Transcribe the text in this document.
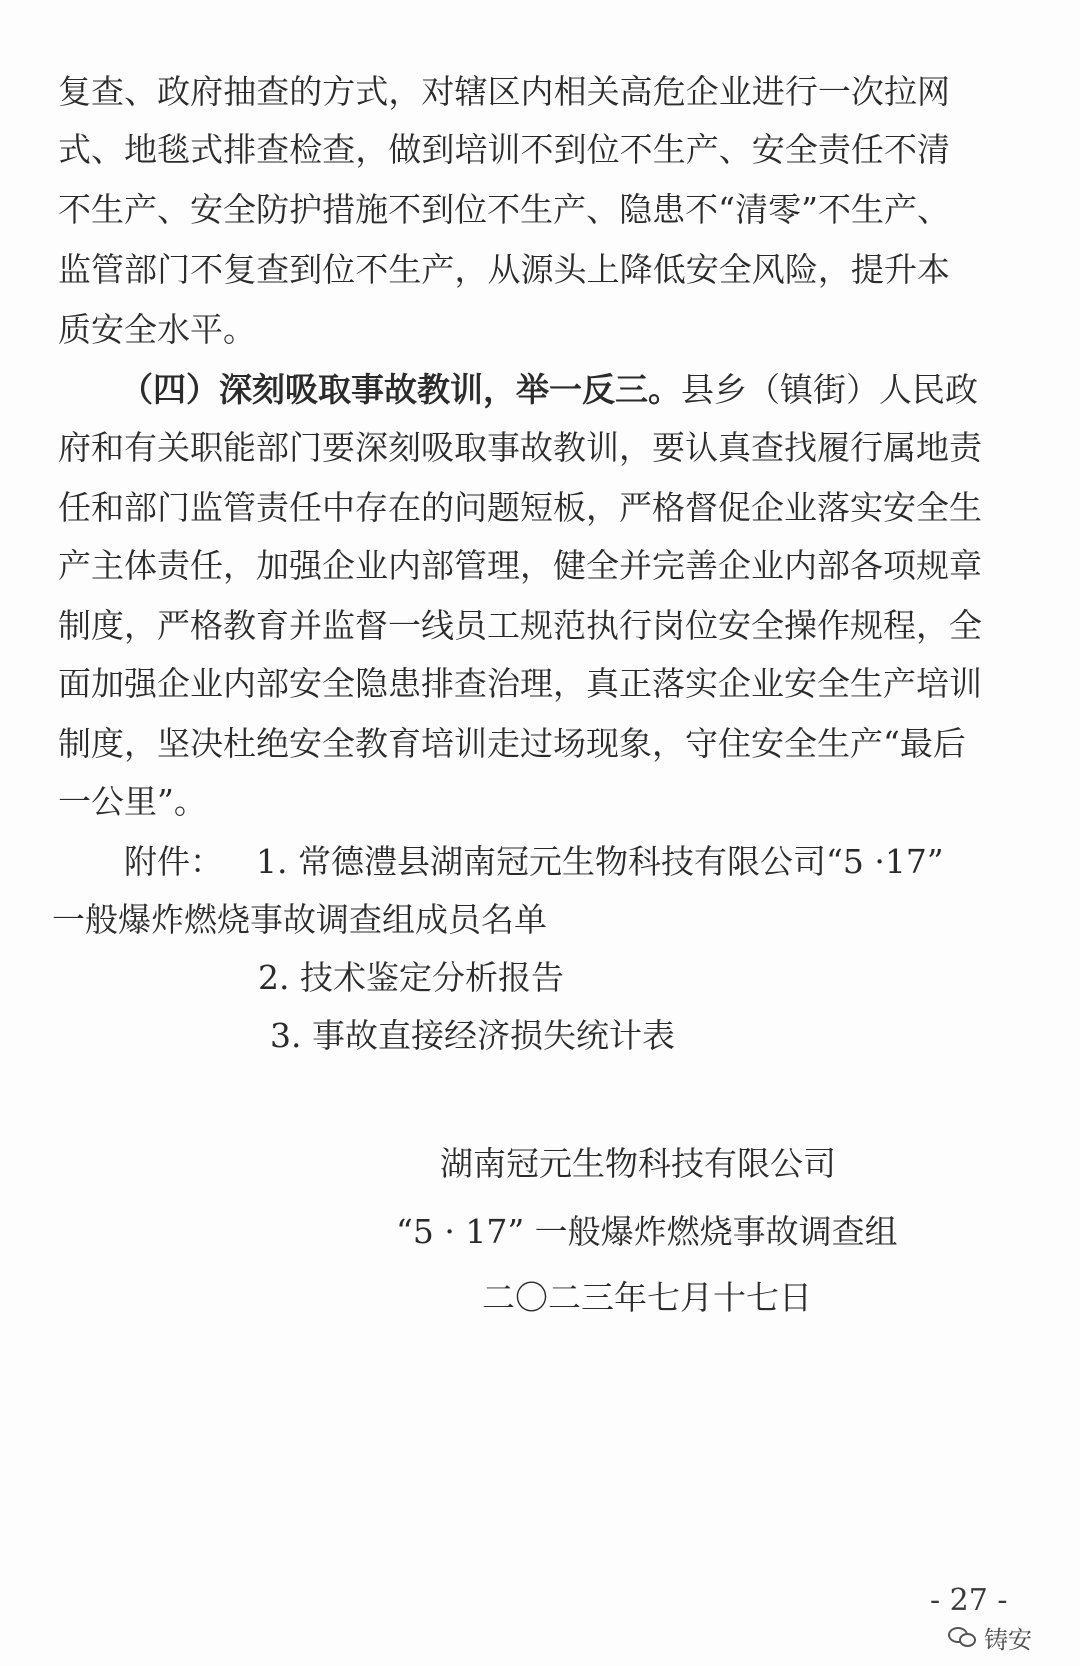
复查、政府抽查的方式，对辖区内相关高危企业进行一次拉网
式、地毯式排查检查，做到培训不到位不生产、安全责任不清
不生产、安全防护措施不到位不生产、隐患不“清零”不生产、
监管部门不复查到位不生产，从源头上降低安全风险，提升本
质安全水平。
（四）深刻吸取事故教训，举一反三。 县乡（镇街）人民政
府和有关职能部门要深刻吸取事故教训，要认真查找履行属地责
任和部门监管责任中存在的问题短板，严格督促企业落实安全生
产主体责任，加强企业内部管理，健全并完善企业内部各项规章
制度，严格教育并监督一线员工规范执行岗位安全操作规程，全
面加强企业内部安全隐患排查治理，真正落实企业安全生产培训
制度，坚决杜绝安全教育培训走过场现象，守住安全生产“最后
一公里”。
附件： 1. 常德澧县湖南冠元生物科技有限公司“5 ·17”
一般爆炸燃烧事故调查组成员名单
2. 技术鉴定分析报告
3. 事故直接经济损失统计表
湖南冠元生物科技有限公司
“5 · 17” 一般爆炸燃烧事故调查组
二〇二三年七月十七日
- 27 -
铸安
